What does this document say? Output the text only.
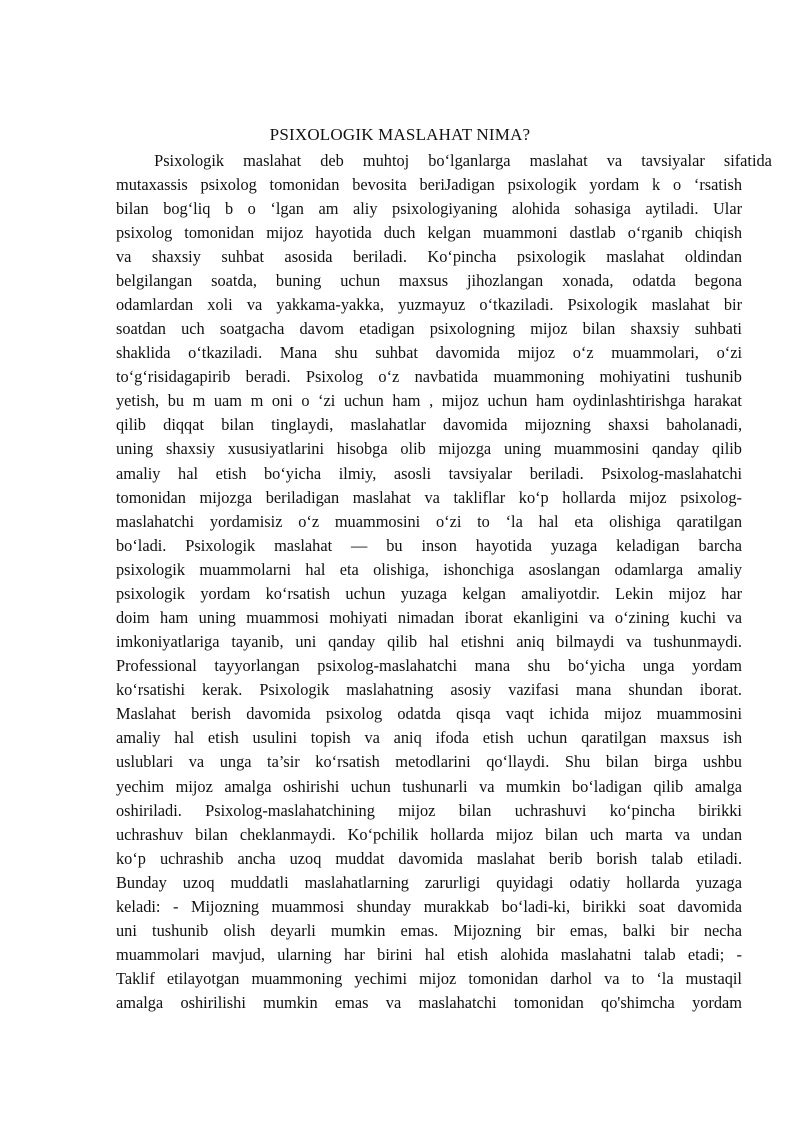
PSIXOLOGIK MASLAHAT NIMA?
Psixologik maslahat deb muhtoj bo‘lganlarga maslahat va tavsiyalar sifatida
mutaxassis psixolog tomonidan bevosita beriJadigan psixologik yordam k o ‘rsatish
bilan bog‘liq b o ‘lgan am aliy psixologiyaning alohida sohasiga aytiladi. Ular
psixolog tomonidan mijoz hayotida duch kelgan muammoni dastlab o‘rganib chiqish
va shaxsiy suhbat asosida beriladi. Ko‘pincha psixologik maslahat oldindan
belgilangan soatda, buning uchun maxsus jihozlangan xonada, odatda begona
odamlardan xoli va yakkama-yakka, yuzmayuz o‘tkaziladi. Psixologik maslahat bir
soatdan uch soatgacha davom etadigan psixologning mijoz bilan shaxsiy suhbati
shaklida o‘tkaziladi. Mana shu suhbat davomida mijoz o‘z muammolari, o‘zi
to‘g‘risidagapirib beradi. Psixolog o‘z navbatida muammoning mohiyatini tushunib
yetish, bu m uam m oni o ‘zi uchun ham , mijoz uchun ham oydinlashtirishga harakat
qilib diqqat bilan tinglaydi, maslahatlar davomida mijozning shaxsi baholanadi,
uning shaxsiy xususiyatlarini hisobga olib mijozga uning muammosini qanday qilib
amaliy hal etish bo‘yicha ilmiy, asosli tavsiyalar beriladi. Psixolog-maslahatchi
tomonidan mijozga beriladigan maslahat va takliflar ko‘p hollarda mijoz psixolog-
maslahatchi yordamisiz o‘z muammosini o‘zi to ‘la hal eta olishiga qaratilgan
bo‘ladi. Psixologik maslahat — bu inson hayotida yuzaga keladigan barcha
psixologik muammolarni hal eta olishiga, ishonchiga asoslangan odamlarga amaliy
psixologik yordam ko‘rsatish uchun yuzaga kelgan amaliyotdir. Lekin mijoz har
doim ham uning muammosi mohiyati nimadan iborat ekanligini va o‘zining kuchi va
imkoniyatlariga tayanib, uni qanday qilib hal etishni aniq bilmaydi va tushunmaydi.
Professional tayyorlangan psixolog-maslahatchi mana shu bo‘yicha unga yordam
ko‘rsatishi kerak. Psixologik maslahatning asosiy vazifasi mana shundan iborat.
Maslahat berish davomida psixolog odatda qisqa vaqt ichida mijoz muammosini
amaliy hal etish usulini topish va aniq ifoda etish uchun qaratilgan maxsus ish
uslublari va unga ta’sir ko‘rsatish metodlarini qo‘llaydi. Shu bilan birga ushbu
yechim mijoz amalga oshirishi uchun tushunarli va mumkin bo‘ladigan qilib amalga
oshiriladi. Psixolog-maslahatchining mijoz bilan uchrashuvi ko‘pincha birikki
uchrashuv bilan cheklanmaydi. Ko‘pchilik hollarda mijoz bilan uch marta va undan
ko‘p uchrashib ancha uzoq muddat davomida maslahat berib borish talab etiladi.
Bunday uzoq muddatli maslahatlarning zarurligi quyidagi odatiy hollarda yuzaga
keladi: - Mijozning muammosi shunday murakkab bo‘ladi-ki, birikki soat davomida
uni tushunib olish deyarli mumkin emas. Mijozning bir emas, balki bir necha
muammolari mavjud, ularning har birini hal etish alohida maslahatni talab etadi; -
Taklif etilayotgan muammoning yechimi mijoz tomonidan darhol va to ‘la mustaqil
amalga oshirilishi mumkin emas va maslahatchi tomonidan qo'shimcha yordam
